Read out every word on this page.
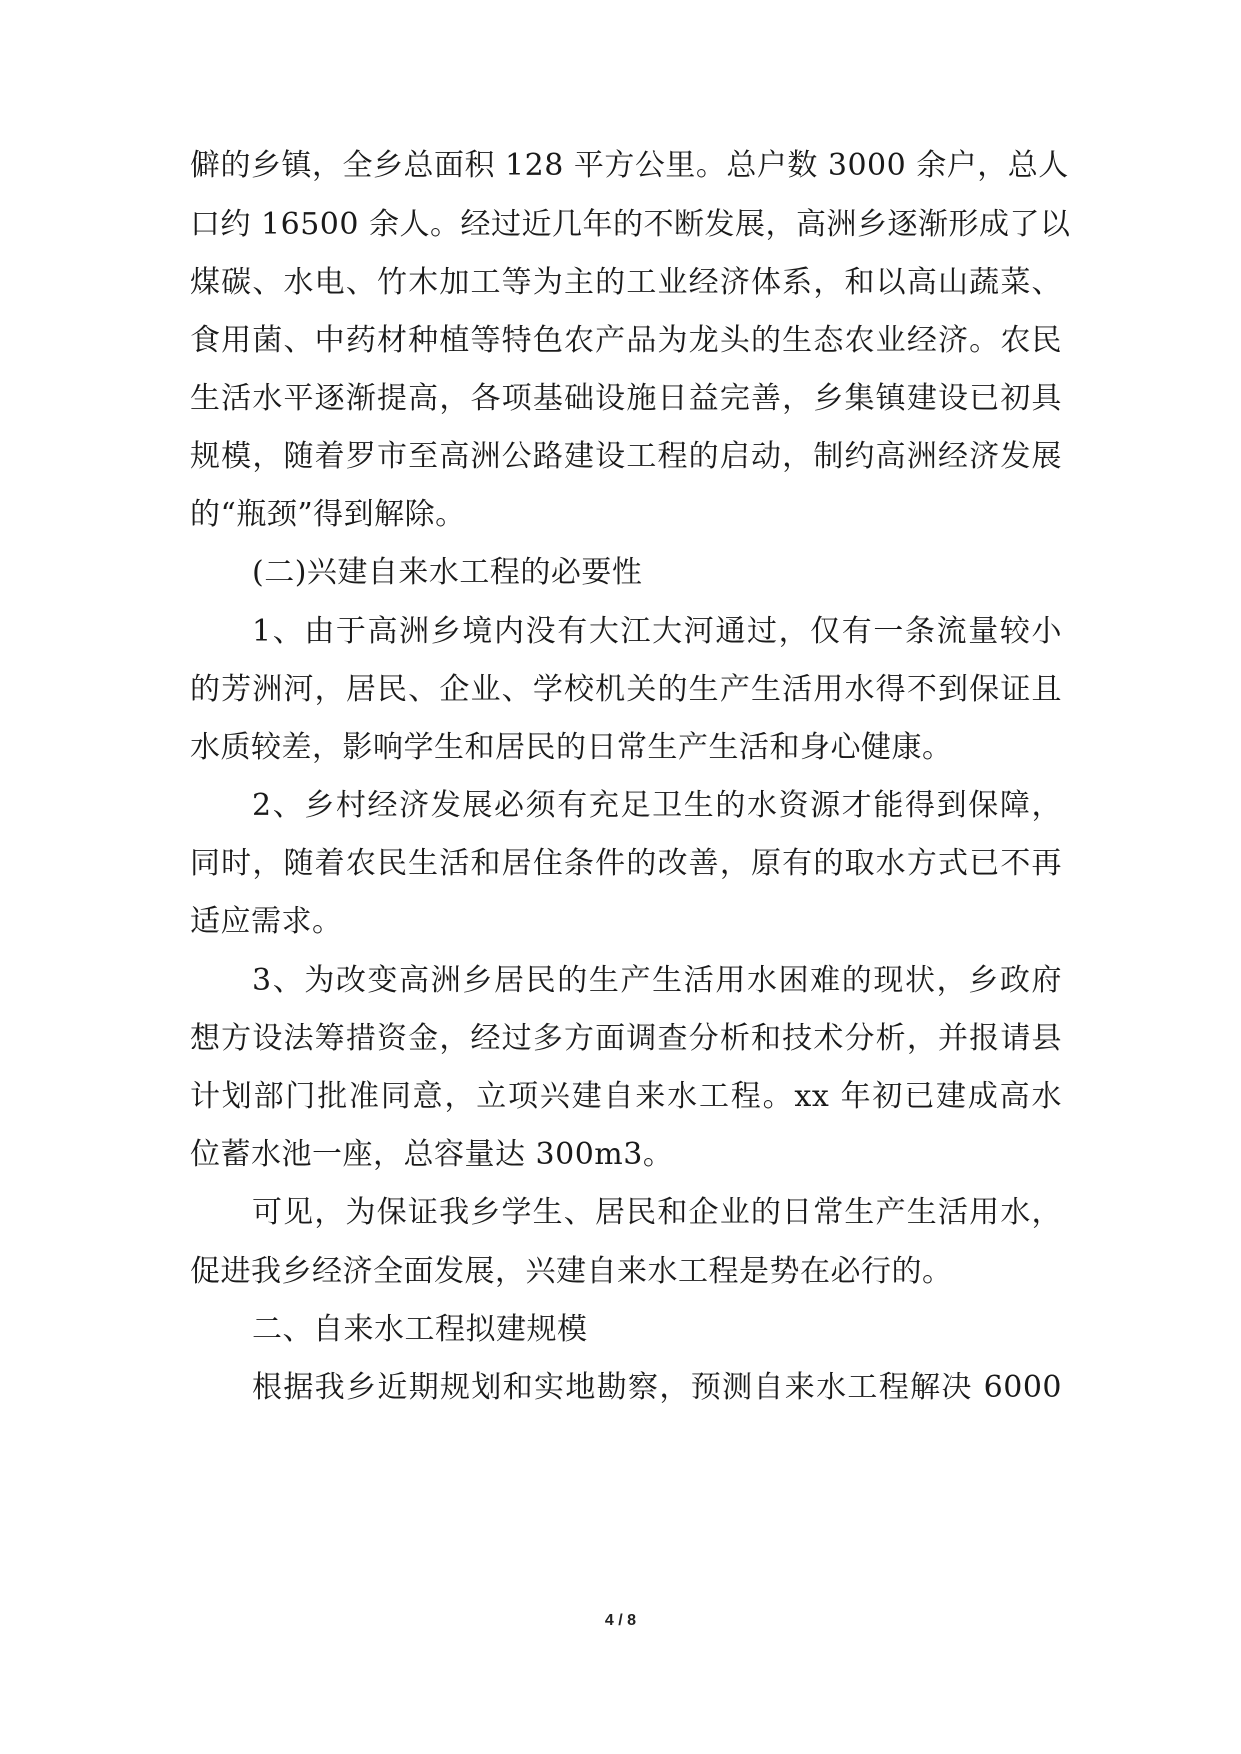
僻的乡镇，全乡总面积 128 平方公里。总户数 3000 余户，总人
口约 16500 余人。经过近几年的不断发展，高洲乡逐渐形成了以
煤碳、水电、竹木加工等为主的工业经济体系，和以高山蔬菜、
食用菌、中药材种植等特色农产品为龙头的生态农业经济。农民
生活水平逐渐提高，各项基础设施日益完善，乡集镇建设已初具
规模，随着罗市至高洲公路建设工程的启动，制约高洲经济发展
的“瓶颈”得到解除。
(二)兴建自来水工程的必要性
1、由于高洲乡境内没有大江大河通过，仅有一条流量较小
的芳洲河，居民、企业、学校机关的生产生活用水得不到保证且
水质较差，影响学生和居民的日常生产生活和身心健康。
2、乡村经济发展必须有充足卫生的水资源才能得到保障，
同时，随着农民生活和居住条件的改善，原有的取水方式已不再
适应需求。
3、为改变高洲乡居民的生产生活用水困难的现状，乡政府
想方设法筹措资金，经过多方面调查分析和技术分析，并报请县
计划部门批准同意，立项兴建自来水工程。xx 年初已建成高水
位蓄水池一座，总容量达 300m3。
可见，为保证我乡学生、居民和企业的日常生产生活用水，
促进我乡经济全面发展，兴建自来水工程是势在必行的。
二、自来水工程拟建规模
根据我乡近期规划和实地勘察，预测自来水工程解决 6000
4 / 8
